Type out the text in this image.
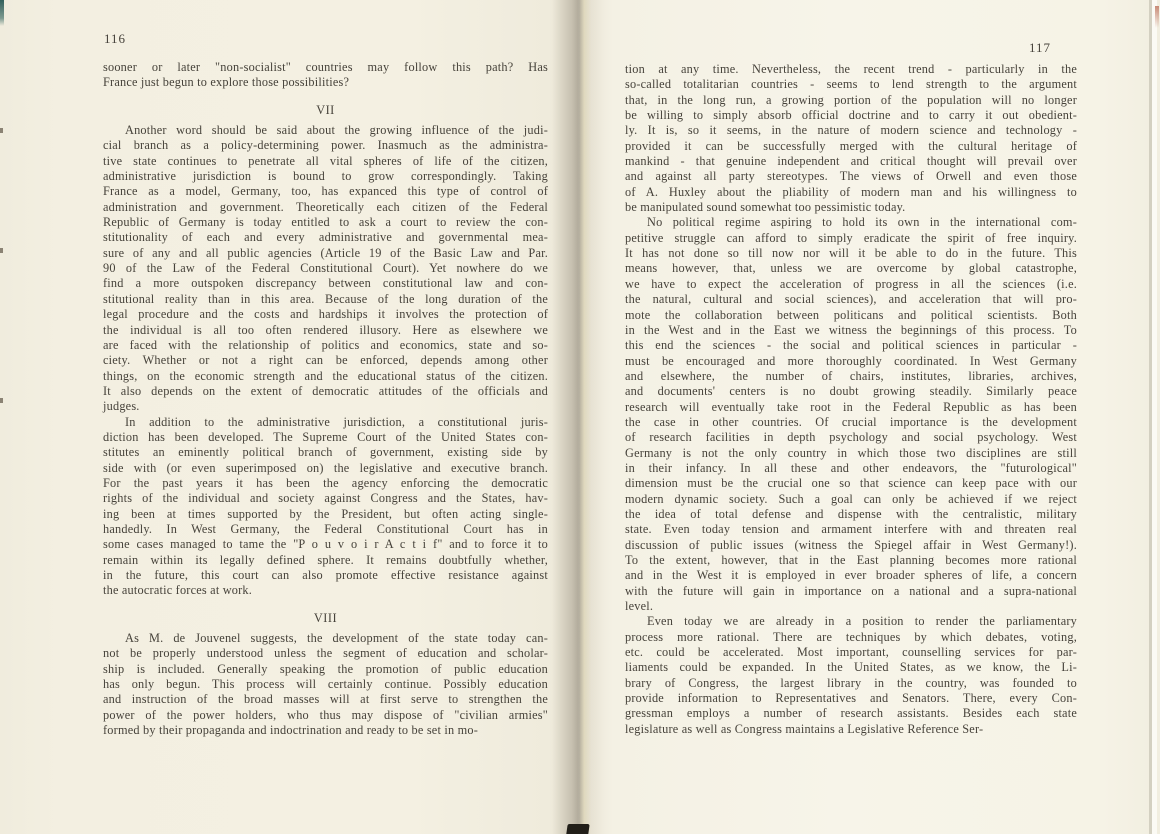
116
117
sooner or later "non-socialist" countries may follow this path? Has
France just begun to explore those possibilities?
VII
Another word should be said about the growing influence of the judi-
cial branch as a policy-determining power. Inasmuch as the administra-
tive state continues to penetrate all vital spheres of life of the citizen,
administrative jurisdiction is bound to grow correspondingly. Taking
France as a model, Germany, too, has expanced this type of control of
administration and government. Theoretically each citizen of the Federal
Republic of Germany is today entitled to ask a court to review the con-
stitutionality of each and every administrative and governmental mea-
sure of any and all public agencies (Article 19 of the Basic Law and Par.
90 of the Law of the Federal Constitutional Court). Yet nowhere do we
find a more outspoken discrepancy between constitutional law and con-
stitutional reality than in this area. Because of the long duration of the
legal procedure and the costs and hardships it involves the protection of
the individual is all too often rendered illusory. Here as elsewhere we
are faced with the relationship of politics and economics, state and so-
ciety. Whether or not a right can be enforced, depends among other
things, on the economic strength and the educational status of the citizen.
It also depends on the extent of democratic attitudes of the officials and
judges.
In addition to the administrative jurisdiction, a constitutional juris-
diction has been developed. The Supreme Court of the United States con-
stitutes an eminently political branch of government, existing side by
side with (or even superimposed on) the legislative and executive branch.
For the past years it has been the agency enforcing the democratic
rights of the individual and society against Congress and the States, hav-
ing been at times supported by the President, but often acting single-
handedly. In West Germany, the Federal Constitutional Court has in
some cases managed to tame the "P o u v o i r A c t i f" and to force it to
remain within its legally defined sphere. It remains doubtfully whether,
in the future, this court can also promote effective resistance against
the autocratic forces at work.
VIII
As M. de Jouvenel suggests, the development of the state today can-
not be properly understood unless the segment of education and scholar-
ship is included. Generally speaking the promotion of public education
has only begun. This process will certainly continue. Possibly education
and instruction of the broad masses will at first serve to strengthen the
power of the power holders, who thus may dispose of "civilian armies"
formed by their propaganda and indoctrination and ready to be set in mo-
tion at any time. Nevertheless, the recent trend - particularly in the
so-called totalitarian countries - seems to lend strength to the argument
that, in the long run, a growing portion of the population will no longer
be willing to simply absorb official doctrine and to carry it out obedient-
ly. It is, so it seems, in the nature of modern science and technology -
provided it can be successfully merged with the cultural heritage of
mankind - that genuine independent and critical thought will prevail over
and against all party stereotypes. The views of Orwell and even those
of A. Huxley about the pliability of modern man and his willingness to
be manipulated sound somewhat too pessimistic today.
No political regime aspiring to hold its own in the international com-
petitive struggle can afford to simply eradicate the spirit of free inquiry.
It has not done so till now nor will it be able to do in the future. This
means however, that, unless we are overcome by global catastrophe,
we have to expect the acceleration of progress in all the sciences (i.e.
the natural, cultural and social sciences), and acceleration that will pro-
mote the collaboration between politicans and political scientists. Both
in the West and in the East we witness the beginnings of this process. To
this end the sciences - the social and political sciences in particular -
must be encouraged and more thoroughly coordinated. In West Germany
and elsewhere, the number of chairs, institutes, libraries, archives,
and documents' centers is no doubt growing steadily. Similarly peace
research will eventually take root in the Federal Republic as has been
the case in other countries. Of crucial importance is the development
of research facilities in depth psychology and social psychology. West
Germany is not the only country in which those two disciplines are still
in their infancy. In all these and other endeavors, the "futurological"
dimension must be the crucial one so that science can keep pace with our
modern dynamic society. Such a goal can only be achieved if we reject
the idea of total defense and dispense with the centralistic, military
state. Even today tension and armament interfere with and threaten real
discussion of public issues (witness the Spiegel affair in West Germany!).
To the extent, however, that in the East planning becomes more rational
and in the West it is employed in ever broader spheres of life, a concern
with the future will gain in importance on a national and a supra-national
level.
Even today we are already in a position to render the parliamentary
process more rational. There are techniques by which debates, voting,
etc. could be accelerated. Most important, counselling services for par-
liaments could be expanded. In the United States, as we know, the Li-
brary of Congress, the largest library in the country, was founded to
provide information to Representatives and Senators. There, every Con-
gressman employs a number of research assistants. Besides each state
legislature as well as Congress maintains a Legislative Reference Ser-
